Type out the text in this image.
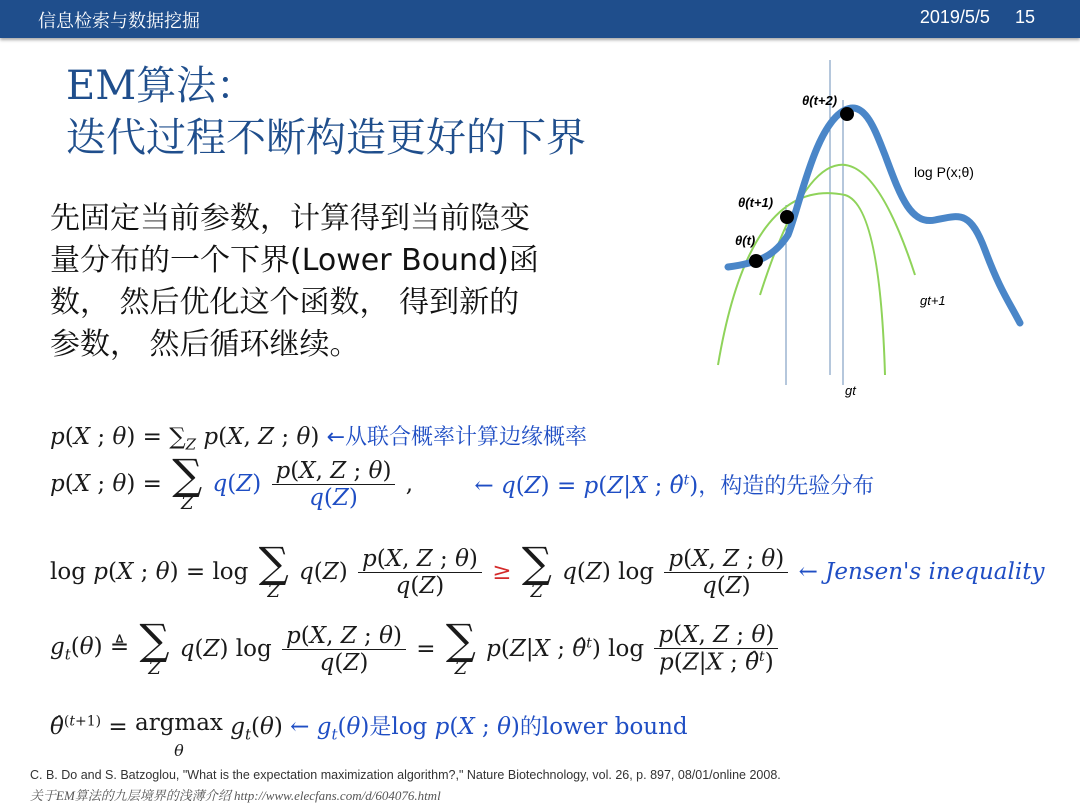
信息检索与数据挖掘	2019/5/5 15
EM算法：
迭代过程不断构造更好的下界
先固定当前参数，计算得到当前隐变
量分布的一个下界(Lower Bound)函
数， 然后优化这个函数， 得到新的
参数， 然后循环继续。
θ(t+2)
θ(t+1)
θ(t)
log P(x;θ)
gt+1
gt
p(X ; $\theta) = \sum_Z$ p(X, Z ; θ) ←从联合概率计算边缘概率
p(X ; θ) = ∑
Z
$q(Z) \frac{p(X, Z ; \theta)}{q(Z)}$ ,	← q(Z) = p(Z|X ; θ̂$^t$)，构造的先验分布
log p(X ; θ) = log ∑
Z
$q(Z) \frac{p(X, Z ; \theta)}{q(Z)}$ ≥ ∑
Z
q(Z) $\log \frac{p(X, Z ; \theta)}{q(Z)}$ ← Jensen's inequality
$g_t(\theta)$ ≜ ∑
Z
q(Z) $\log \frac{p(X, Z ; \theta)}{q(Z)}$ = ∑
Z
p(Z|X ; θ̂$^t$) $\log \frac{p(X, Z ; \theta)}{p(Z|X ; \thetâ^t)}$
θ̂$^{(t+1)}$ = argmax
θ $g_t(\theta)$ ← $g_t(\theta)$是log p(X ; θ)的lower bound
C. B. Do and S. Batzoglou, "What is the expectation maximization algorithm?," Nature Biotechnology, vol. 26, p. 897, 08/01/online 2008.
关于EM算法的九层境界的浅薄介绍 http://www.elecfans.com/d/604076.html
